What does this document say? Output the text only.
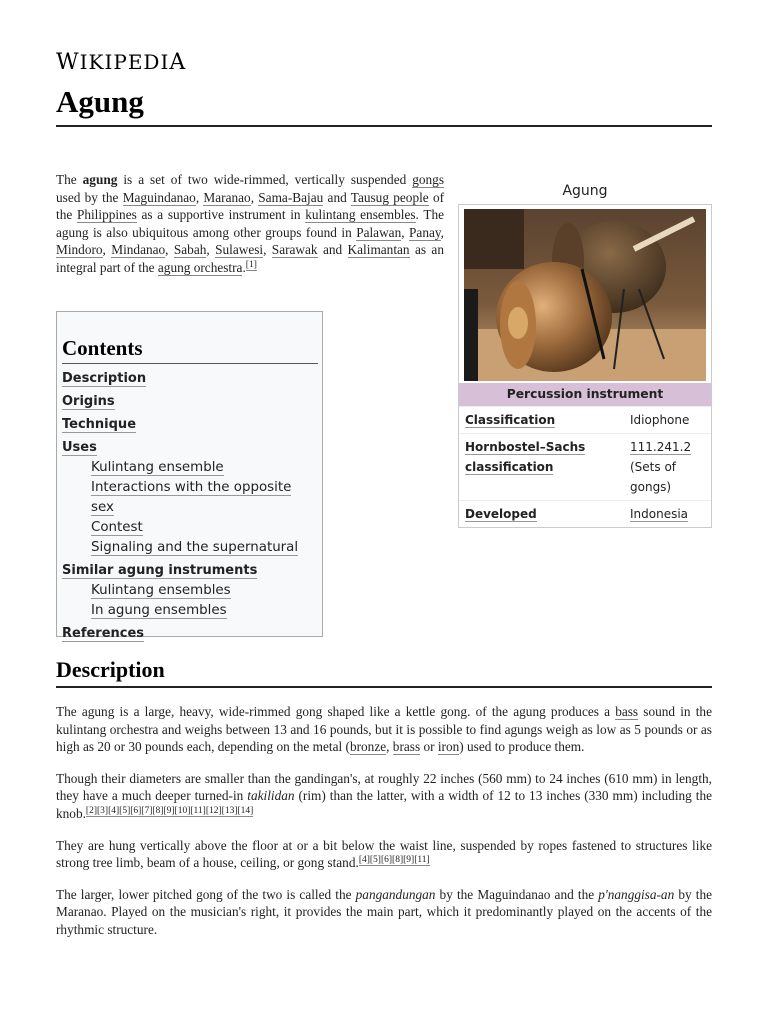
WIKIPEDIA
Agung

The agung is a set of two wide-rimmed, vertically suspended gongs used by the Maguindanao, Maranao, Sama-Bajau and Tausug people of the Philippines as a supportive instrument in kulintang ensembles. The agung is also ubiquitous among other groups found in Palawan, Panay, Mindoro, Mindanao, Sabah, Sulawesi, Sarawak and Kalimantan as an integral part of the agung orchestra.[1]

Contents
Description
Origins
Technique
Uses
Kulintang ensemble
Interactions with the opposite sex
Contest
Signaling and the supernatural
Similar agung instruments
Kulintang ensembles
In agung ensembles
References
Agung
Percussion instrument
Classification	Idiophone
Hornbostel–Sachs classification
111.241.2 (Sets of gongs)
Developed	Indonesia
Description

The agung is a large, heavy, wide-rimmed gong shaped like a kettle gong. of the agung produces a bass sound in the kulintang orchestra and weighs between 13 and 16 pounds, but it is possible to find agungs weigh as low as 5 pounds or as high as 20 or 30 pounds each, depending on the metal (bronze, brass or iron) used to produce them.

Though their diameters are smaller than the gandingan's, at roughly 22 inches (560 mm) to 24 inches (610 mm) in length, they have a much deeper turned-in takilidan (rim) than the latter, with a width of 12 to 13 inches (330 mm) including the knob.[2][3][4][5][6][7][8][9][10][11][12][13][14]

They are hung vertically above the floor at or a bit below the waist line, suspended by ropes fastened to structures like strong tree limb, beam of a house, ceiling, or gong stand.[4][5][6][8][9][11]

The larger, lower pitched gong of the two is called the pangandungan by the Maguindanao and the p'nanggisa-an by the Maranao. Played on the musician's right, it provides the main part, which it predominantly played on the accents of the rhythmic structure.
